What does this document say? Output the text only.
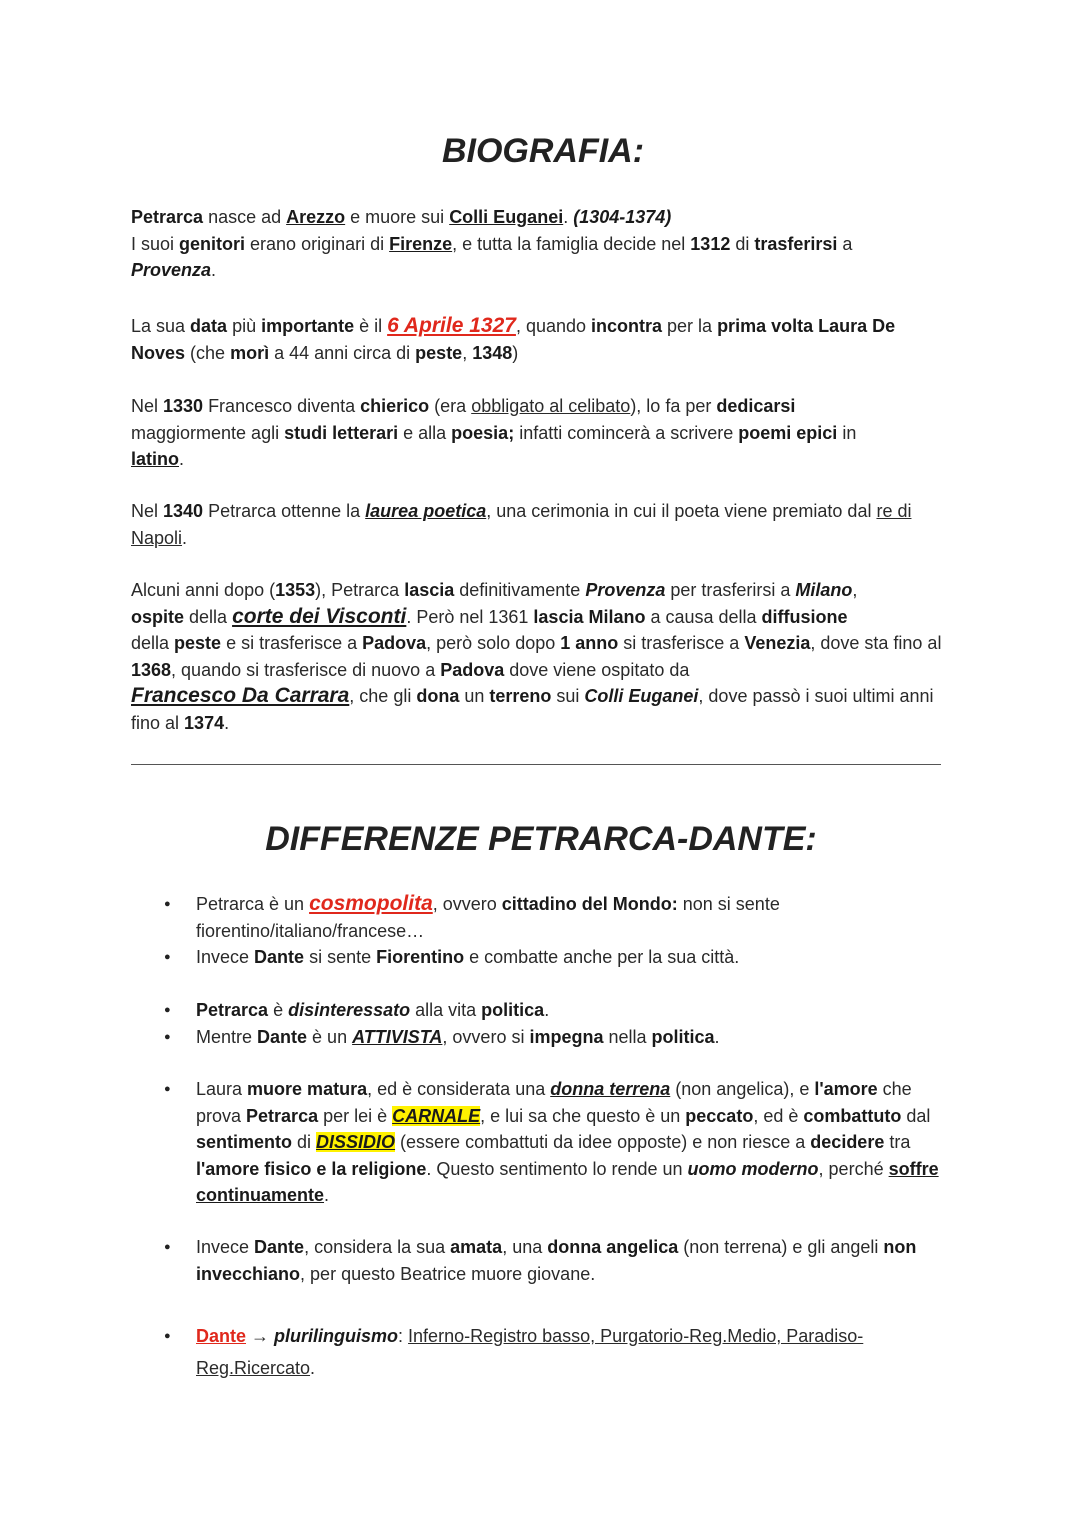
BIOGRAFIA:

Petrarca nasce ad Arezzo e muore sui Colli Euganei. (1304-1374)
I suoi genitori erano originari di Firenze, e tutta la famiglia decide nel 1312 di trasferirsi a
Provenza.

La sua data più importante è il 6 Aprile 1327, quando incontra per la prima volta Laura De Noves (che morì a 44 anni circa di peste, 1348)

Nel 1330 Francesco diventa chierico (era obbligato al celibato), lo fa per dedicarsi
maggiormente agli studi letterari e alla poesia; infatti comincerà a scrivere poemi epici in
latino.

Nel 1340 Petrarca ottenne la laurea poetica, una cerimonia in cui il poeta viene premiato dal re di Napoli.

Alcuni anni dopo (1353), Petrarca lascia definitivamente Provenza per trasferirsi a Milano,
ospite della corte dei Visconti. Però nel 1361 lascia Milano a causa della diffusione
della peste e si trasferisce a Padova, però solo dopo 1 anno si trasferisce a Venezia, dove sta fino al 1368, quando si trasferisce di nuovo a Padova dove viene ospitato da
Francesco Da Carrara, che gli dona un terreno sui Colli Euganei, dove passò i suoi ultimi anni fino al 1374.

DIFFERENZE PETRARCA-DANTE:
● Petrarca è un cosmopolita, ovvero cittadino del Mondo: non si sente fiorentino/italiano/francese…
● Invece Dante si sente Fiorentino e combatte anche per la sua città.
● Petrarca è disinteressato alla vita politica.
● Mentre Dante è un ATTIVISTA, ovvero si impegna nella politica.
● Laura muore matura, ed è considerata una donna terrena (non angelica), e l'amore che prova Petrarca per lei è CARNALE, e lui sa che questo è un peccato, ed è combattuto dal sentimento di DISSIDIO (essere combattuti da idee opposte) e non riesce a decidere tra l'amore fisico e la religione. Questo sentimento lo rende un uomo moderno, perché soffre continuamente.
● Invece Dante, considera la sua amata, una donna angelica (non terrena) e gli angeli non invecchiano, per questo Beatrice muore giovane.
● Dante → plurilinguismo: Inferno-Registro basso, Purgatorio-Reg.Medio, Paradiso-Reg.Ricercato.
